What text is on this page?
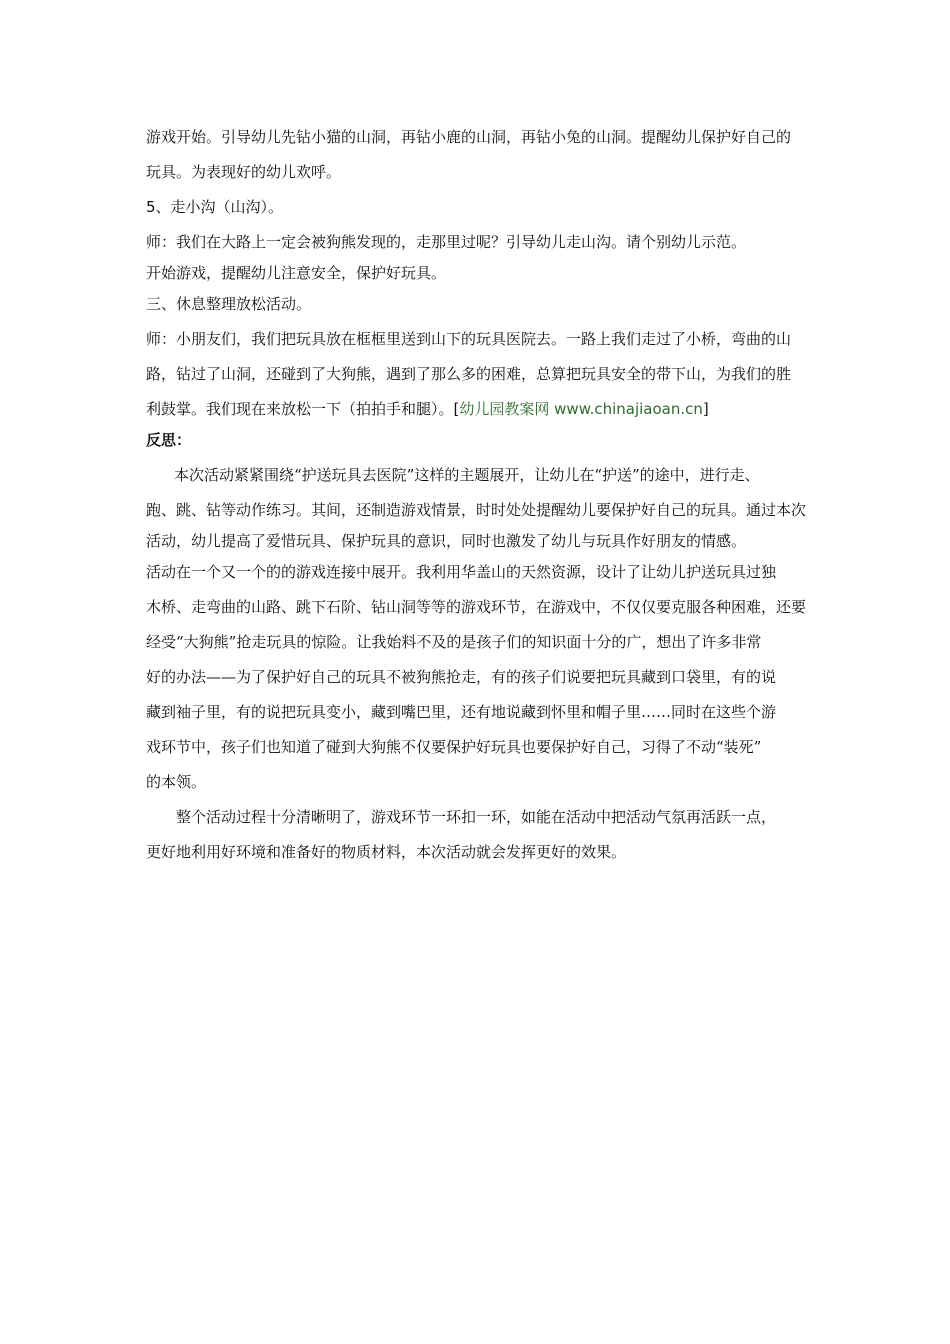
游戏开始。引导幼儿先钻小猫的山洞，再钻小鹿的山洞，再钻小兔的山洞。提醒幼儿保护好自己的
玩具。为表现好的幼儿欢呼。
5、走小沟（山沟）。
师：我们在大路上一定会被狗熊发现的，走那里过呢？引导幼儿走山沟。请个别幼儿示范。
开始游戏，提醒幼儿注意安全，保护好玩具。
三、休息整理放松活动。
师：小朋友们，我们把玩具放在框框里送到山下的玩具医院去。一路上我们走过了小桥，弯曲的山
路，钻过了山洞，还碰到了大狗熊，遇到了那么多的困难，总算把玩具安全的带下山，为我们的胜
利鼓掌。我们现在来放松一下（拍拍手和腿）。[幼儿园教案网 www.chinajiaoan.cn]
反思：
本次活动紧紧围绕“护送玩具去医院”这样的主题展开，让幼儿在“护送”的途中，进行走、
跑、跳、钻等动作练习。其间，还制造游戏情景，时时处处提醒幼儿要保护好自己的玩具。通过本次
活动，幼儿提高了爱惜玩具、保护玩具的意识，同时也激发了幼儿与玩具作好朋友的情感。
活动在一个又一个的的游戏连接中展开。我利用华盖山的天然资源，设计了让幼儿护送玩具过独
木桥、走弯曲的山路、跳下石阶、钻山洞等等的游戏环节，在游戏中，不仅仅要克服各种困难，还要
经受“大狗熊”抢走玩具的惊险。让我始料不及的是孩子们的知识面十分的广，想出了许多非常
好的办法——为了保护好自己的玩具不被狗熊抢走，有的孩子们说要把玩具藏到口袋里，有的说
藏到袖子里，有的说把玩具变小，藏到嘴巴里，还有地说藏到怀里和帽子里……同时在这些个游
戏环节中，孩子们也知道了碰到大狗熊不仅要保护好玩具也要保护好自己，习得了不动“装死”
的本领。
整个活动过程十分清晰明了，游戏环节一环扣一环，如能在活动中把活动气氛再活跃一点，
更好地利用好环境和准备好的物质材料，本次活动就会发挥更好的效果。
